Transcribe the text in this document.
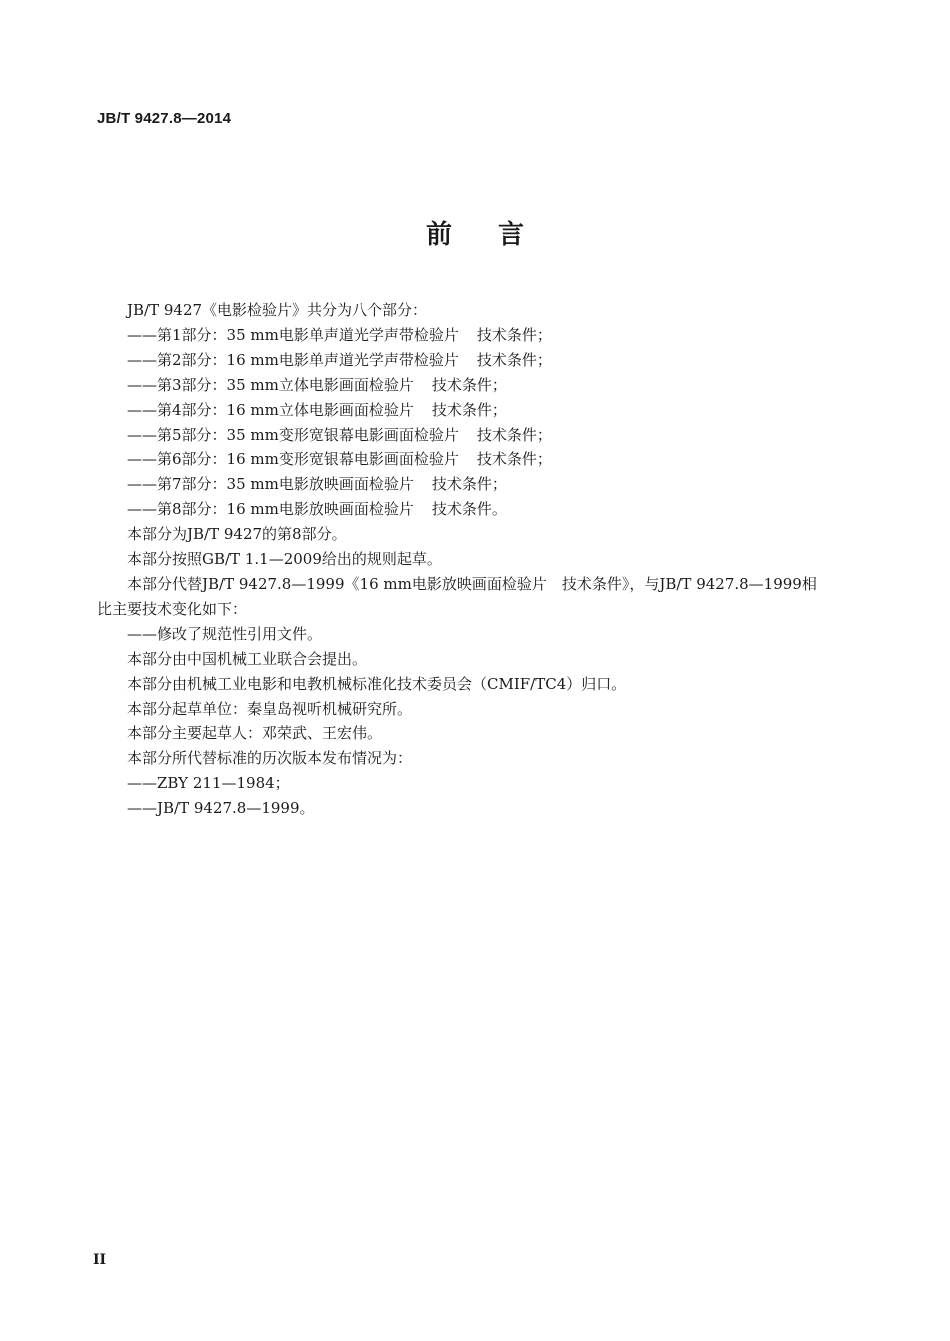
JB/T 9427.8—2014
前言
JB/T 9427《电影检验片》共分为八个部分：
——第1部分：35 mm电影单声道光学声带检验片 技术条件；
——第2部分：16 mm电影单声道光学声带检验片 技术条件；
——第3部分：35 mm立体电影画面检验片 技术条件；
——第4部分：16 mm立体电影画面检验片 技术条件；
——第5部分：35 mm变形宽银幕电影画面检验片 技术条件；
——第6部分：16 mm变形宽银幕电影画面检验片 技术条件；
——第7部分：35 mm电影放映画面检验片 技术条件；
——第8部分：16 mm电影放映画面检验片 技术条件。
本部分为JB/T 9427的第8部分。
本部分按照GB/T 1.1—2009给出的规则起草。
本部分代替JB/T 9427.8—1999《16 mm电影放映画面检验片　技术条件》，与JB/T 9427.8—1999相
比主要技术变化如下：
——修改了规范性引用文件。
本部分由中国机械工业联合会提出。
本部分由机械工业电影和电教机械标准化技术委员会（CMIF/TC4）归口。
本部分起草单位：秦皇岛视听机械研究所。
本部分主要起草人：邓荣武、王宏伟。
本部分所代替标准的历次版本发布情况为：
——ZBY 211—1984；
——JB/T 9427.8—1999。
II
